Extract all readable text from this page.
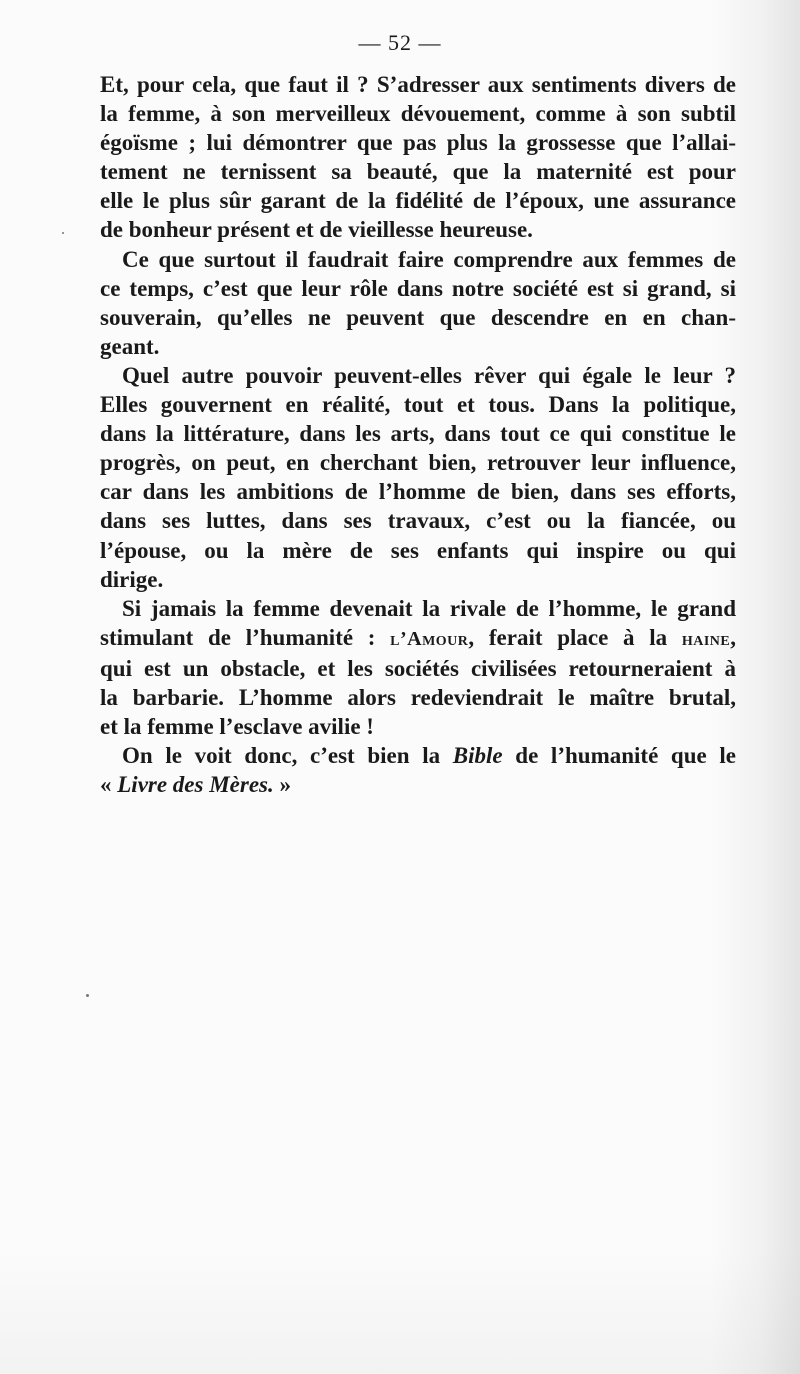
— 52 —
Et, pour cela, que faut il ? S’adresser aux sentiments divers de
la femme, à son merveilleux dévouement, comme à son subtil
égoïsme ; lui démontrer que pas plus la grossesse que l’allai-
tement ne ternissent sa beauté, que la maternité est pour
elle le plus sûr garant de la fidélité de l’époux, une assurance
de bonheur présent et de vieillesse heureuse.
Ce que surtout il faudrait faire comprendre aux femmes de
ce temps, c’est que leur rôle dans notre société est si grand, si
souverain, qu’elles ne peuvent que descendre en en chan-
geant.
Quel autre pouvoir peuvent-elles rêver qui égale le leur ?
Elles gouvernent en réalité, tout et tous. Dans la politique,
dans la littérature, dans les arts, dans tout ce qui constitue le
progrès, on peut, en cherchant bien, retrouver leur influence,
car dans les ambitions de l’homme de bien, dans ses efforts,
dans ses luttes, dans ses travaux, c’est ou la fiancée, ou
l’épouse, ou la mère de ses enfants qui inspire ou qui
dirige.
Si jamais la femme devenait la rivale de l’homme, le grand
stimulant de l’humanité : l’Amour, ferait place à la haine,
qui est un obstacle, et les sociétés civilisées retourneraient à
la barbarie. L’homme alors redeviendrait le maître brutal,
et la femme l’esclave avilie !
On le voit donc, c’est bien la Bible de l’humanité que le
« Livre des Mères. »
